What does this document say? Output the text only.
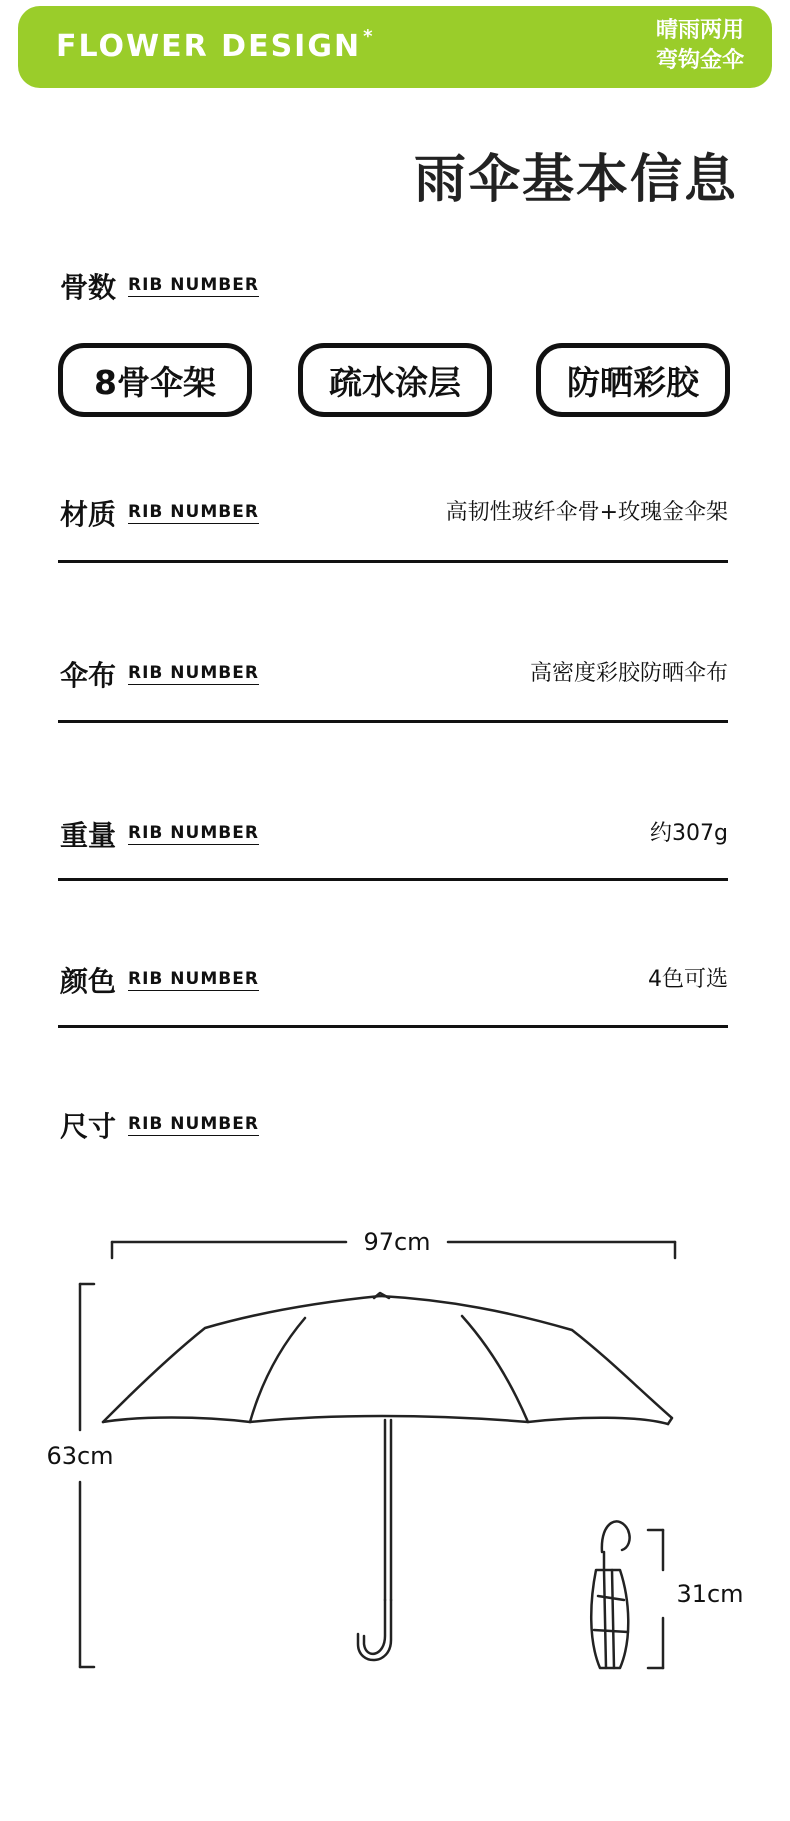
FLOWER DESIGN *	晴雨两用
弯钩金伞
雨伞基本信息
骨数 RIB NUMBER
8骨伞架	疏水涂层	防晒彩胶
材质 RIB NUMBER	高韧性玻纤伞骨+玫瑰金伞架
伞布 RIB NUMBER	高密度彩胶防晒伞布
重量 RIB NUMBER	约307g
颜色 RIB NUMBER	4色可选
尺寸 RIB NUMBER
97cm
63cm
31cm
